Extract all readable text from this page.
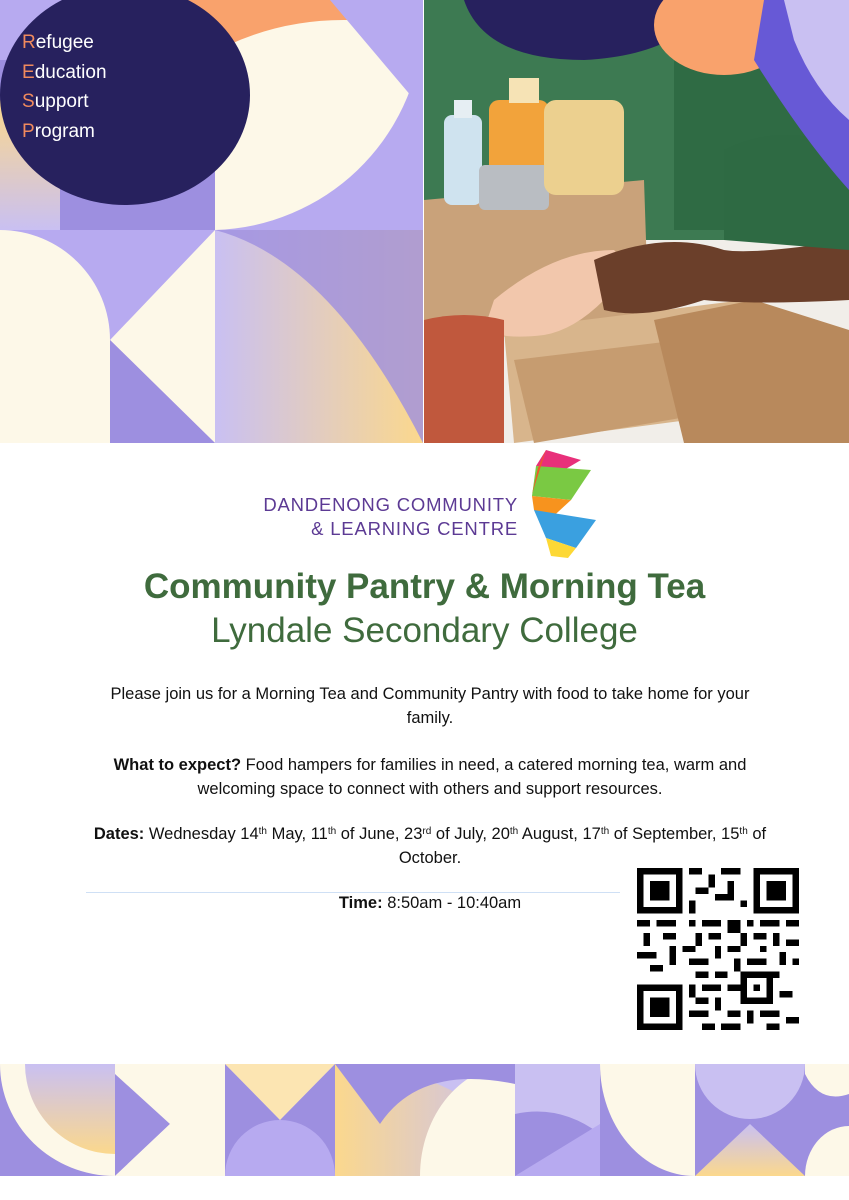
Refugee
Education
Support
Program
DANDENONG COMMUNITY
& LEARNING CENTRE
Community Pantry & Morning Tea
Lyndale Secondary College
Please join us for a Morning Tea and Community Pantry with food to take home for your family.
What to expect? Food hampers for families in need, a catered morning tea, warm and welcoming space to connect with others and support resources.
Dates: Wednesday 14th May, 11th of June, 23rd of July, 20th August, 17th of September, 15th of October.
Time: 8:50am - 10:40am
